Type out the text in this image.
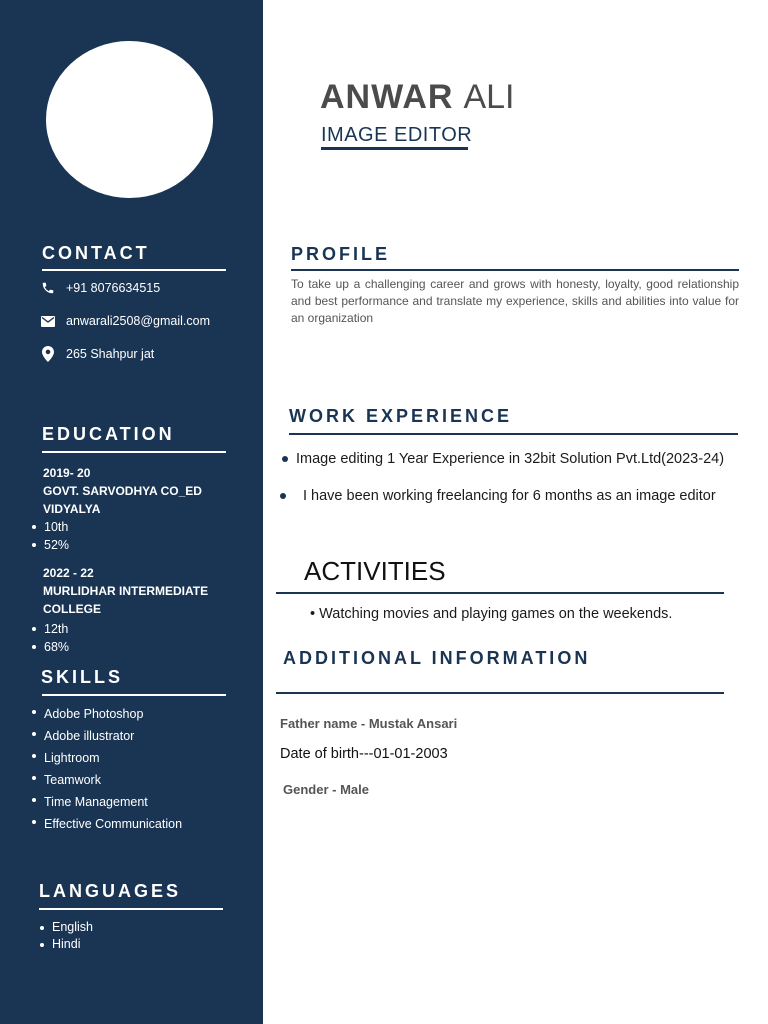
CONTACT
+91 8076634515
anwarali2508@gmail.com
265 Shahpur jat
EDUCATION
2019- 20
GOVT. SARVODHYA CO_ED
VIDYALYA
10th
52%
2022 - 22
MURLIDHAR INTERMEDIATE
COLLEGE
12th
68%
SKILLS
Adobe Photoshop
Adobe illustrator
Lightroom
Teamwork
Time Management
Effective Communication
LANGUAGES
English
Hindi
ANWAR ALI
IMAGE EDITOR
PROFILE
To take up a challenging career and grows with honesty, loyalty, good relationship and best performance and translate my experience, skills and abilities into value for an organization
WORK EXPERIENCE
Image editing 1 Year Experience in 32bit Solution Pvt.Ltd(2023-24)
I have been working freelancing for 6 months as an image editor
ACTIVITIES
• Watching movies and playing games on the weekends.
ADDITIONAL INFORMATION
Father name - Mustak Ansari
Date of birth---01-01-2003
Gender - Male
